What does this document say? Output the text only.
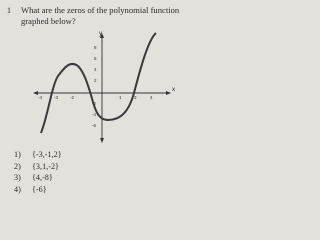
1 What are the zeros of the polynomial function graphed below?
x
y
-4	-3	-2	1	3	4
8
6
4
2
-2
-4
-6
1)	{-3,-1,2}
2)	{3,1,-2}
3)	{4,-8}
4)	{-6}
